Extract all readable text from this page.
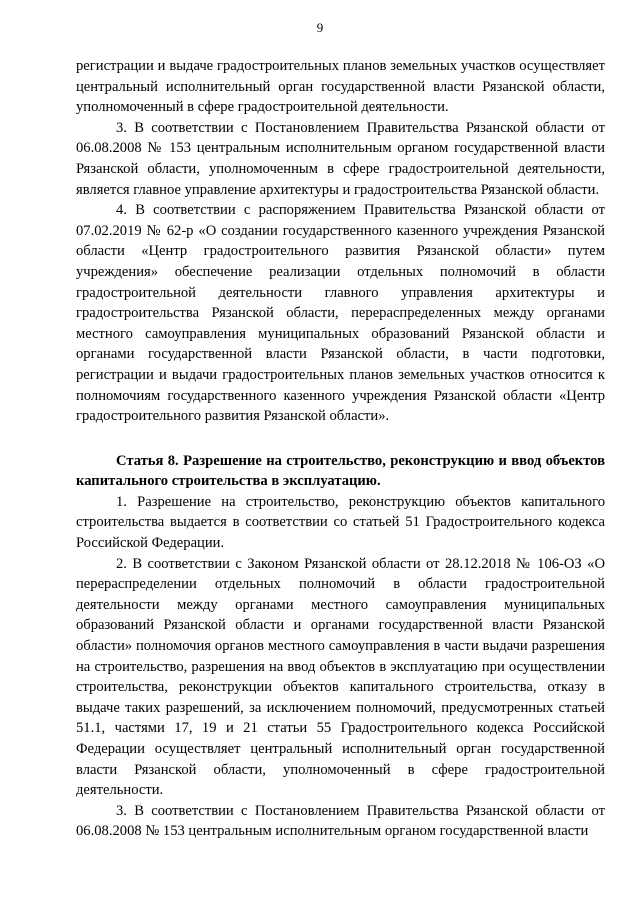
9

регистрации и выдаче градостроительных планов земельных участков осуществляет центральный исполнительный орган государственной власти Рязанской области, уполномоченный в сфере градостроительной деятельности.

3. В соответствии с Постановлением Правительства Рязанской области от 06.08.2008 № 153 центральным исполнительным органом государственной власти Рязанской области, уполномоченным в сфере градостроительной деятельности, является главное управление архитектуры и градостроительства Рязанской области.

4. В соответствии с распоряжением Правительства Рязанской области от 07.02.2019 № 62-р «О создании государственного казенного учреждения Рязанской области «Центр градостроительного развития Рязанской области» путем учреждения» обеспечение реализации отдельных полномочий в области градостроительной деятельности главного управления архитектуры и градостроительства Рязанской области, перераспределенных между органами местного самоуправления муниципальных образований Рязанской области и органами государственной власти Рязанской области, в части подготовки, регистрации и выдачи градостроительных планов земельных участков относится к полномочиям государственного казенного учреждения Рязанской области «Центр градостроительного развития Рязанской области».

Статья 8. Разрешение на строительство, реконструкцию и ввод объектов капитального строительства в эксплуатацию.

1. Разрешение на строительство, реконструкцию объектов капитального строительства выдается в соответствии со статьей 51 Градостроительного кодекса Российской Федерации.

2. В соответствии с Законом Рязанской области от 28.12.2018 № 106-ОЗ «О перераспределении отдельных полномочий в области градостроительной деятельности между органами местного самоуправления муниципальных образований Рязанской области и органами государственной власти Рязанской области» полномочия органов местного самоуправления в части выдачи разрешения на строительство, разрешения на ввод объектов в эксплуатацию при осуществлении строительства, реконструкции объектов капитального строительства, отказу в выдаче таких разрешений, за исключением полномочий, предусмотренных статьей 51.1, частями 17, 19 и 21 статьи 55 Градостроительного кодекса Российской Федерации осуществляет центральный исполнительный орган государственной власти Рязанской области, уполномоченный в сфере градостроительной деятельности.

3. В соответствии с Постановлением Правительства Рязанской области от 06.08.2008 № 153 центральным исполнительным органом государственной власти
